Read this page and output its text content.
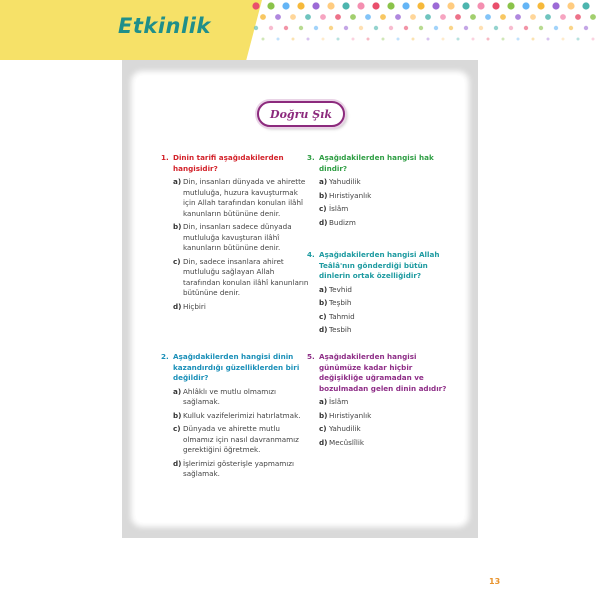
Etkinlik
Doğru Şık
1. Dinin tarifi aşağıdakilerden hangisidir?
a) Din, insanları dünyada ve ahirette mutluluğa, huzura kavuşturmak için Allah tarafından konulan ilâhî kanunların bütününe denir.
b) Din, insanları sadece dünyada mutluluğa kavuşturan ilâhî kanunların bütününe denir.
c) Din, sadece insanlara ahiret mutluluğu sağlayan Allah tarafından konulan ilâhî kanunların bütününe denir.
d) Hiçbiri
2. Aşağıdakilerden hangisi dinin kazandırdığı güzelliklerden biri değildir?
a) Ahlâklı ve mutlu olmamızı sağlamak.
b) Kulluk vazifelerimizi hatırlatmak.
c) Dünyada ve ahirette mutlu olmamız için nasıl davranmamız gerektiğini öğretmek.
d) İşlerimizi gösterişle yapmamızı sağlamak.
3. Aşağıdakilerden hangisi hak dindir?
a) Yahudilik
b) Hıristiyanlık
c) İslâm
d) Budizm
4. Aşağıdakilerden hangisi Allah Teâlâ'nın gönderdiği bütün dinlerin ortak özelliğidir?
a) Tevhid
b) Teşbih
c) Tahmid
d) Tesbih
5. Aşağıdakilerden hangisi günümüze kadar hiçbir değişikliğe uğramadan ve bozulmadan gelen dinin adıdır?
a) İslâm
b) Hıristiyanlık
c) Yahudilik
d) Mecûslîlik
13
